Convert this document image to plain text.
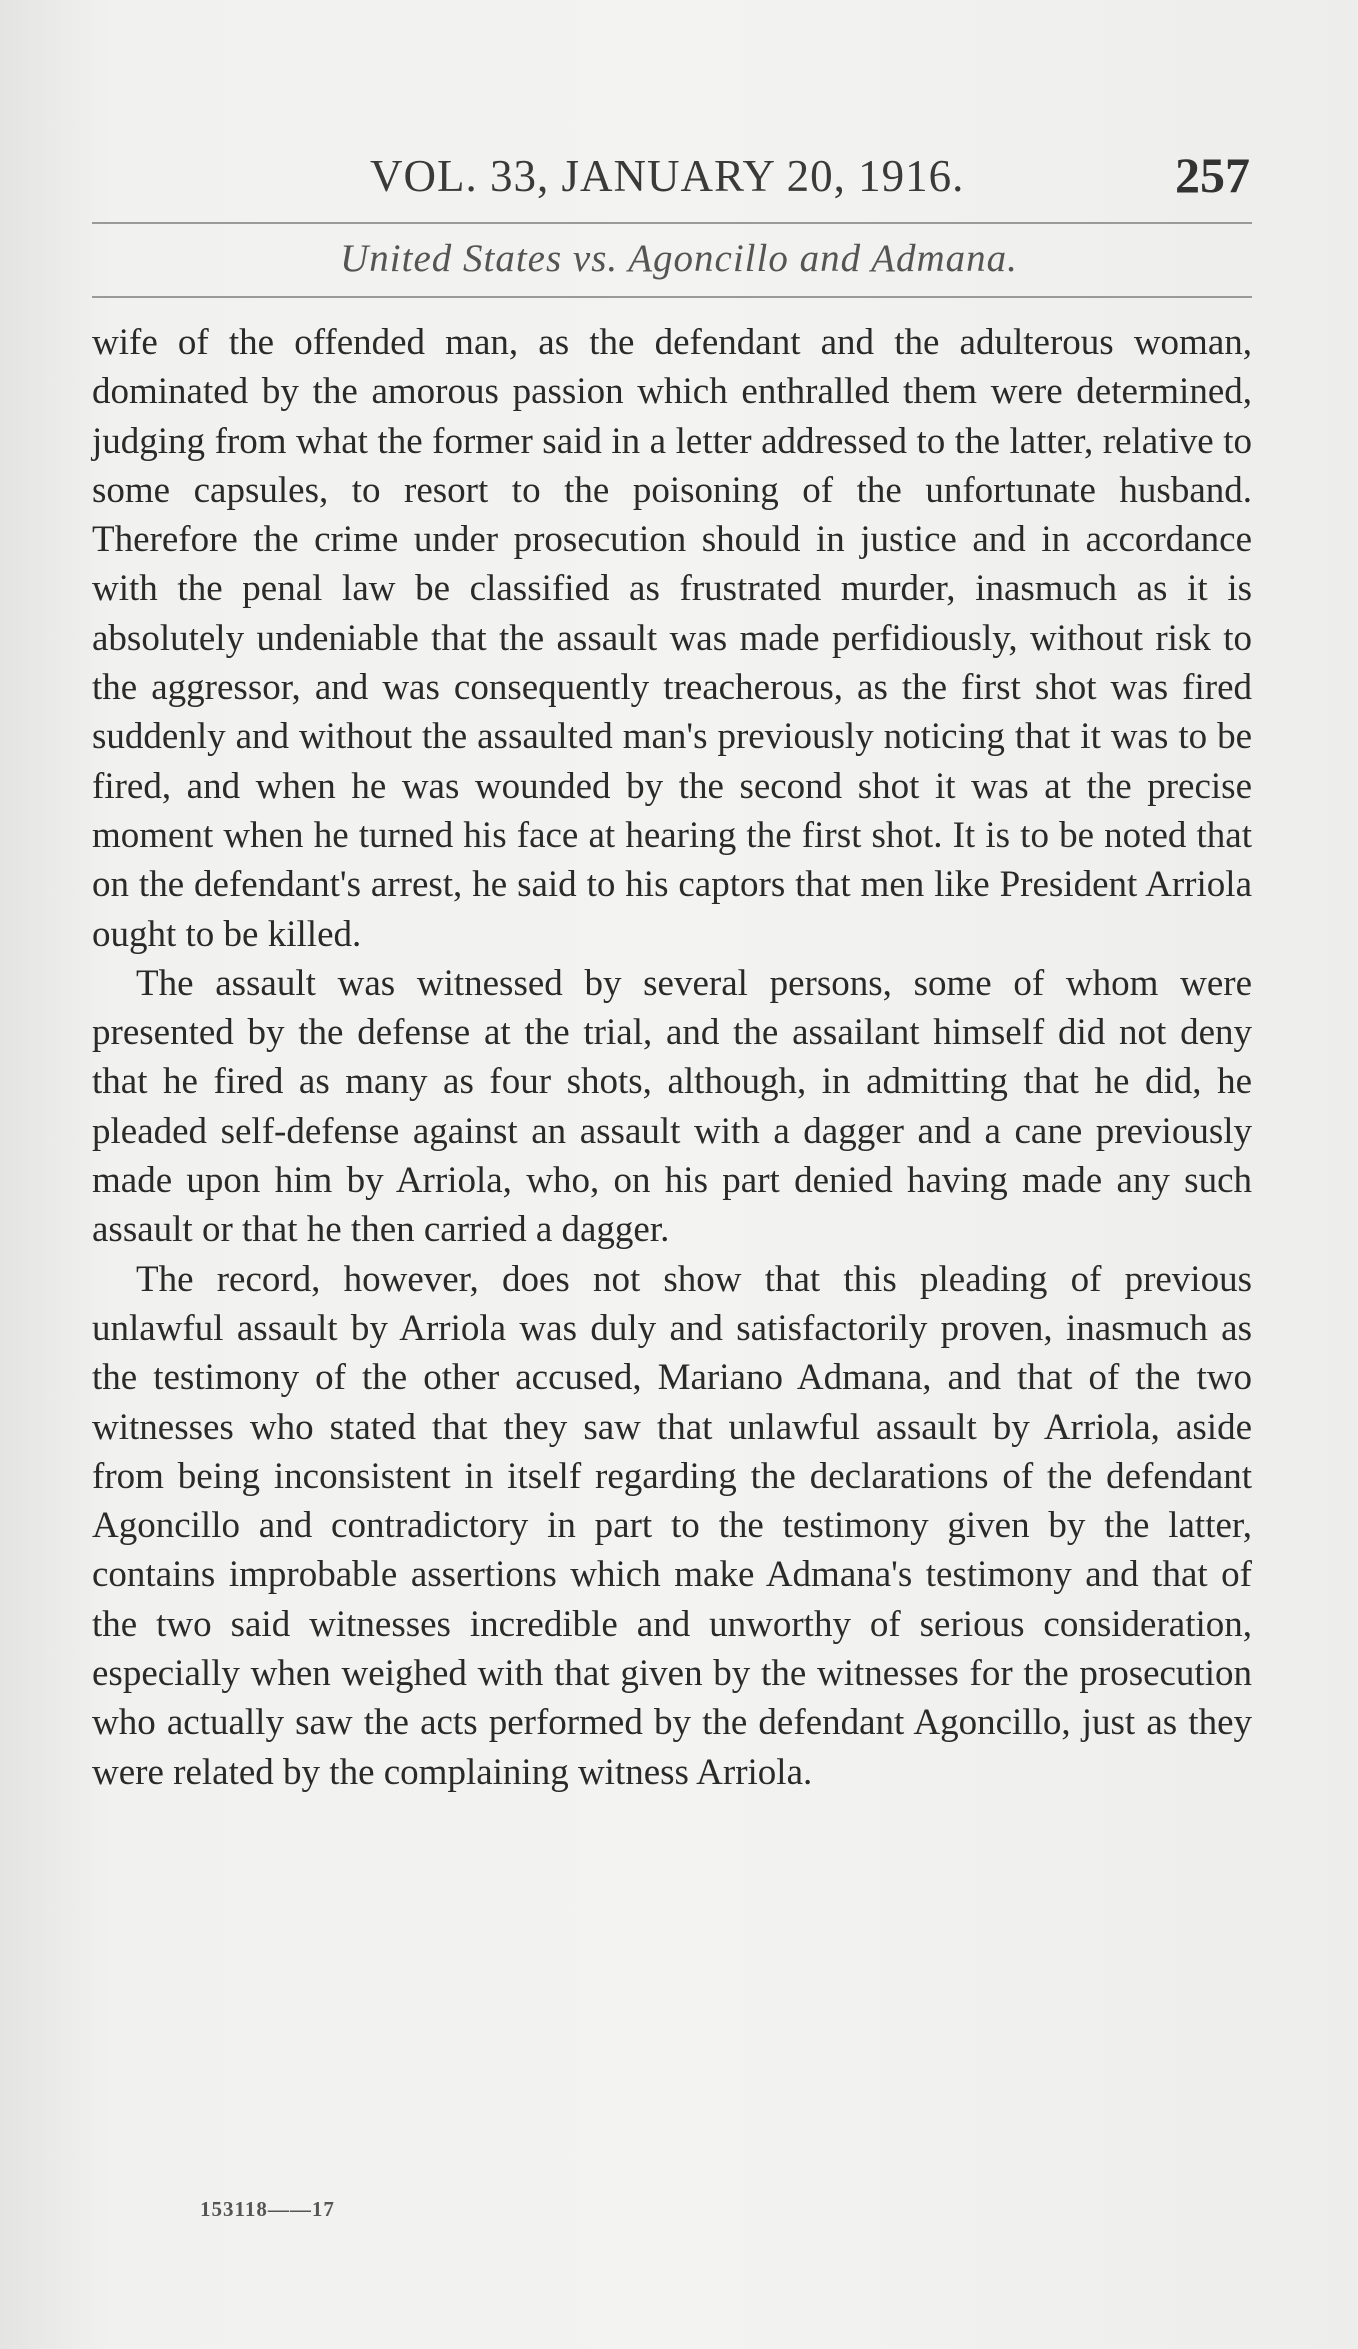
VOL. 33, JANUARY 20, 1916.	257
United States vs. Agoncillo and Admana.

wife of the offended man, as the defendant and the adulterous woman, dominated by the amorous passion which enthralled them were determined, judging from what the former said in a letter addressed to the latter, relative to some capsules, to resort to the poisoning of the unfortunate husband. Therefore the crime under prosecution should in justice and in accordance with the penal law be classified as frustrated murder, inasmuch as it is absolutely undeniable that the assault was made perfidiously, without risk to the aggressor, and was consequently treacherous, as the first shot was fired suddenly and without the assaulted man's previously noticing that it was to be fired, and when he was wounded by the second shot it was at the precise moment when he turned his face at hearing the first shot. It is to be noted that on the defendant's arrest, he said to his captors that men like President Arriola ought to be killed.

The assault was witnessed by several persons, some of whom were presented by the defense at the trial, and the assailant himself did not deny that he fired as many as four shots, although, in admitting that he did, he pleaded self-defense against an assault with a dagger and a cane previously made upon him by Arriola, who, on his part denied having made any such assault or that he then carried a dagger.

The record, however, does not show that this pleading of previous unlawful assault by Arriola was duly and satisfactorily proven, inasmuch as the testimony of the other accused, Mariano Admana, and that of the two witnesses who stated that they saw that unlawful assault by Arriola, aside from being inconsistent in itself regarding the declarations of the defendant Agoncillo and contradictory in part to the testimony given by the latter, contains improbable assertions which make Admana's testimony and that of the two said witnesses incredible and unworthy of serious consideration, especially when weighed with that given by the witnesses for the prosecution who actually saw the acts performed by the defendant Agoncillo, just as they were related by the complaining witness Arriola.

153118——17
